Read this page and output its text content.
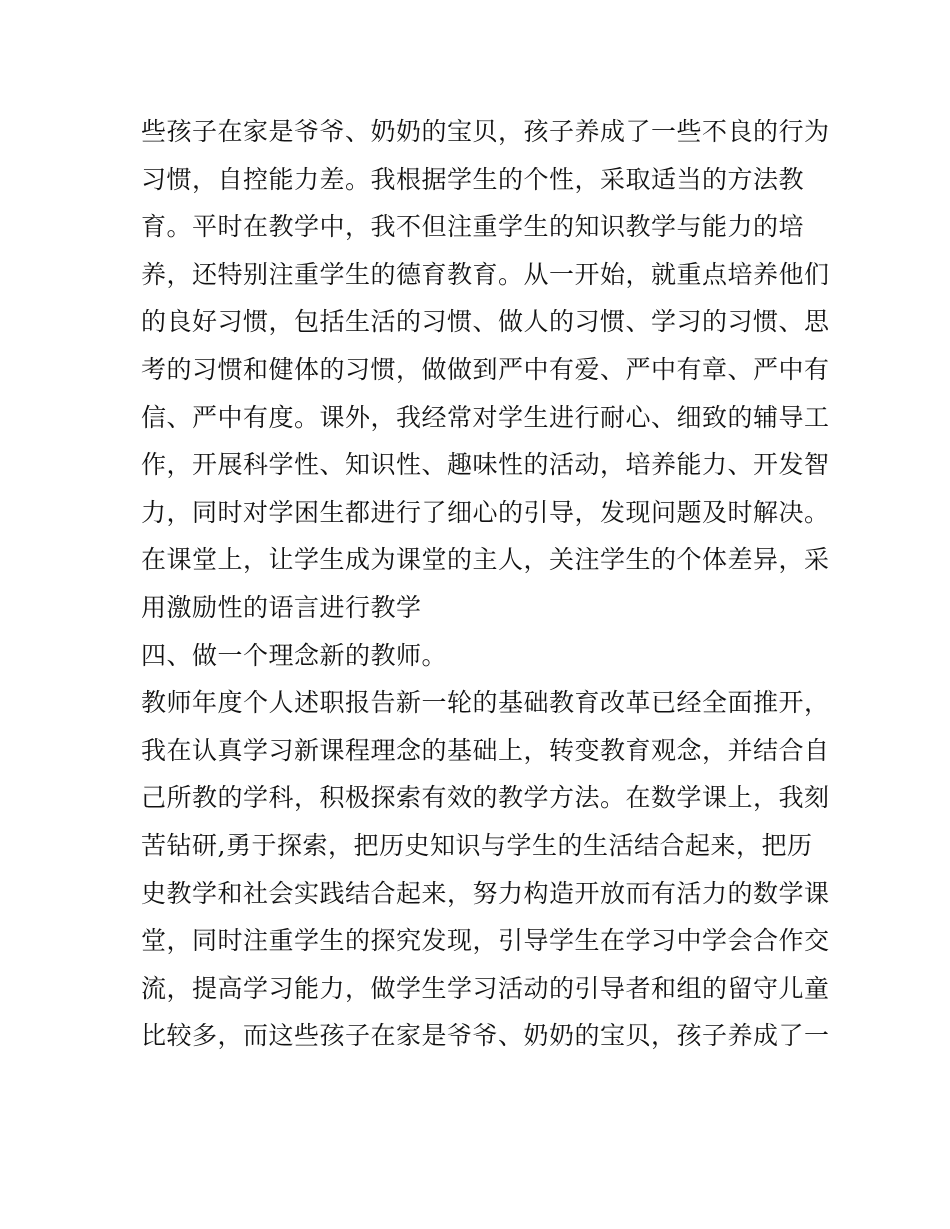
些孩子在家是爷爷、奶奶的宝贝，孩子养成了一些不良的行为
习惯，自控能力差。我根据学生的个性，采取适当的方法教
育。平时在教学中，我不但注重学生的知识教学与能力的培
养，还特别注重学生的德育教育。从一开始，就重点培养他们
的良好习惯，包括生活的习惯、做人的习惯、学习的习惯、思
考的习惯和健体的习惯，做做到严中有爱、严中有章、严中有
信、严中有度。课外，我经常对学生进行耐心、细致的辅导工
作，开展科学性、知识性、趣味性的活动，培养能力、开发智
力，同时对学困生都进行了细心的引导，发现问题及时解决。
在课堂上，让学生成为课堂的主人，关注学生的个体差异，采
用激励性的语言进行教学
四、做一个理念新的教师。
教师年度个人述职报告新一轮的基础教育改革已经全面推开，
我在认真学习新课程理念的基础上，转变教育观念，并结合自
己所教的学科，积极探索有效的教学方法。在数学课上，我刻
苦钻研,勇于探索，把历史知识与学生的生活结合起来，把历
史教学和社会实践结合起来，努力构造开放而有活力的数学课
堂，同时注重学生的探究发现，引导学生在学习中学会合作交
流，提高学习能力，做学生学习活动的引导者和组的留守儿童
比较多，而这些孩子在家是爷爷、奶奶的宝贝，孩子养成了一
